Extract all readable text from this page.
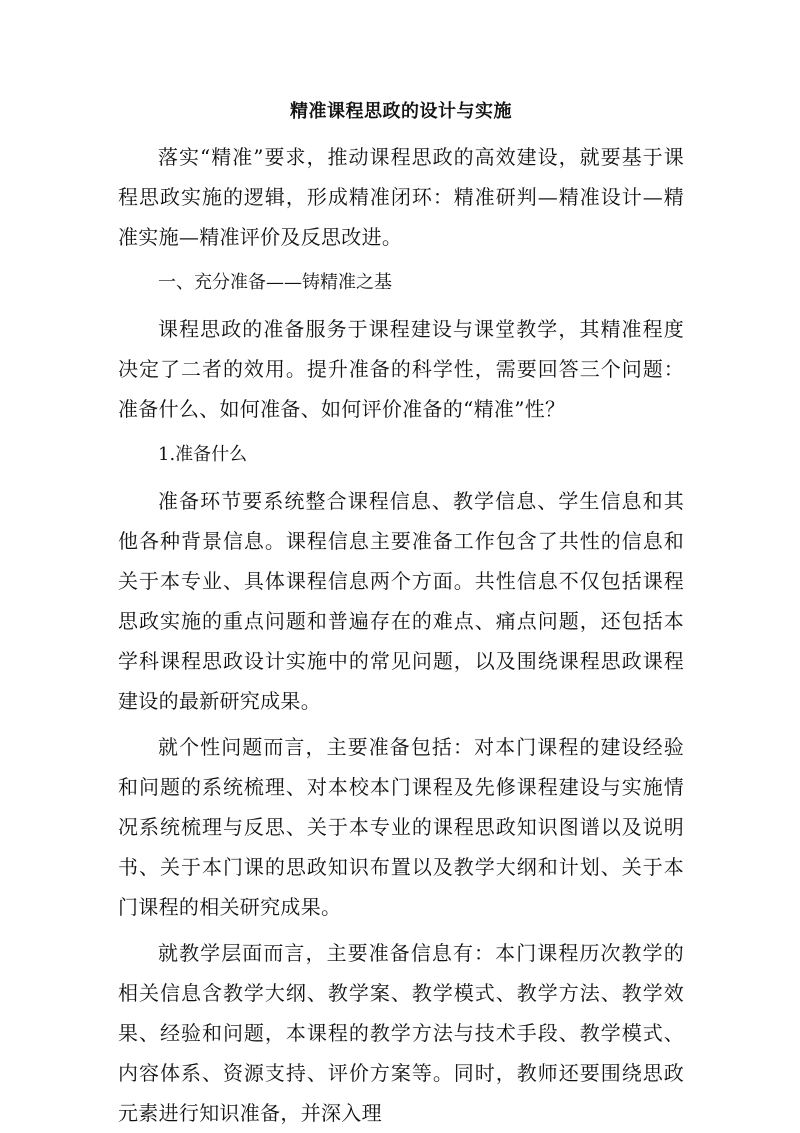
精准课程思政的设计与实施

落实“精准”要求，推动课程思政的高效建设，就要基于课程思政实施的逻辑，形成精准闭环：精准研判—精准设计—精准实施—精准评价及反思改进。

一、充分准备——铸精准之基

课程思政的准备服务于课程建设与课堂教学，其精准程度决定了二者的效用。提升准备的科学性，需要回答三个问题：准备什么、如何准备、如何评价准备的“精准”性？

1.准备什么

准备环节要系统整合课程信息、教学信息、学生信息和其他各种背景信息。课程信息主要准备工作包含了共性的信息和关于本专业、具体课程信息两个方面。共性信息不仅包括课程思政实施的重点问题和普遍存在的难点、痛点问题，还包括本学科课程思政设计实施中的常见问题，以及围绕课程思政课程建设的最新研究成果。

就个性问题而言，主要准备包括：对本门课程的建设经验和问题的系统梳理、对本校本门课程及先修课程建设与实施情况系统梳理与反思、关于本专业的课程思政知识图谱以及说明书、关于本门课的思政知识布置以及教学大纲和计划、关于本门课程的相关研究成果。

就教学层面而言，主要准备信息有：本门课程历次教学的相关信息含教学大纲、教学案、教学模式、教学方法、教学效果、经验和问题，本课程的教学方法与技术手段、教学模式、内容体系、资源支持、评价方案等。同时，教师还要围绕思政元素进行知识准备，并深入理
